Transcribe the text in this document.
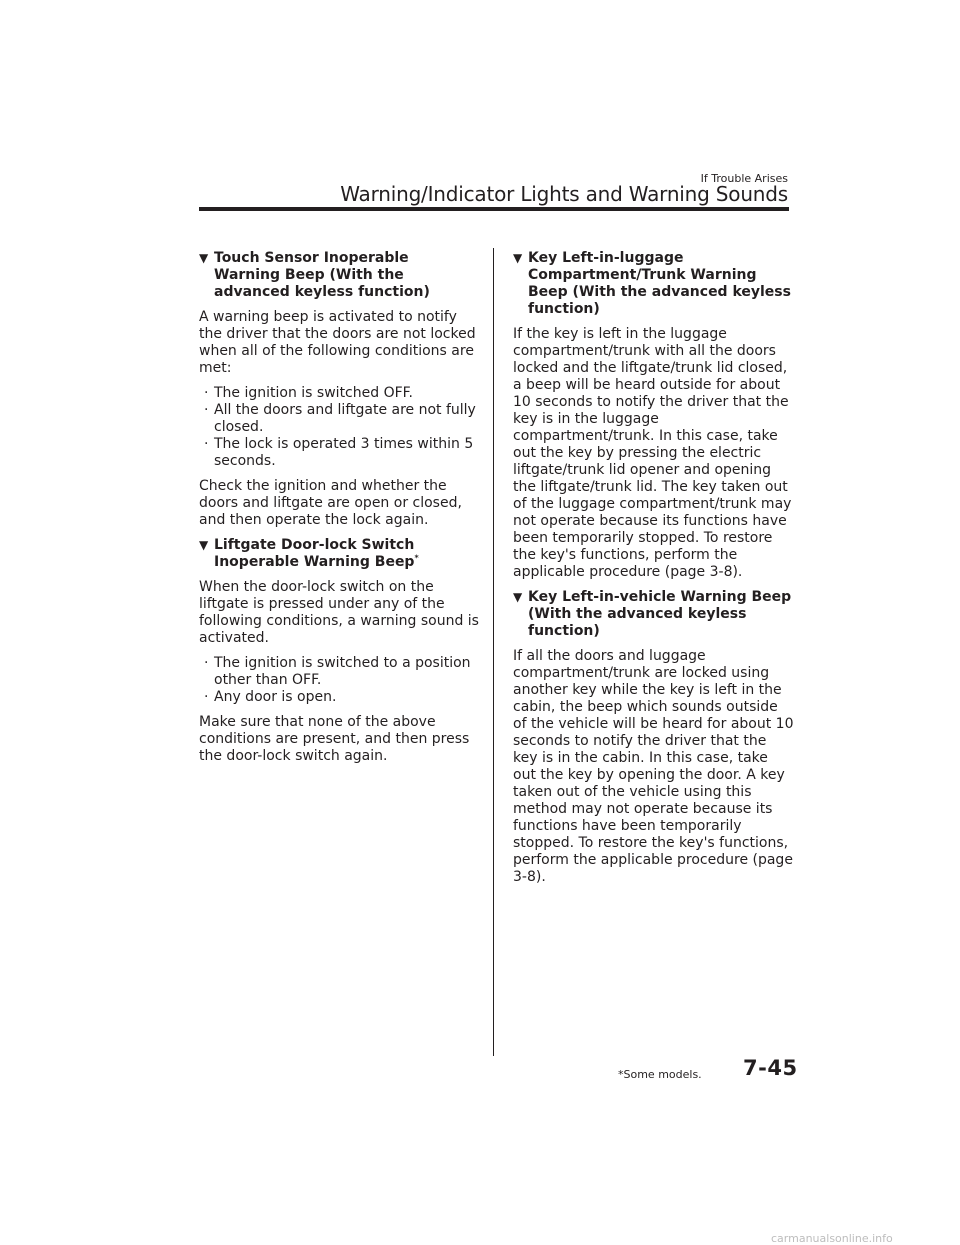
If Trouble Arises
Warning/Indicator Lights and Warning Sounds
▼ Touch Sensor Inoperable Warning Beep (With the advanced keyless function)

A warning beep is activated to notify the driver that the doors are not locked when all of the following conditions are met:

· The ignition is switched OFF.
· All the doors and liftgate are not fully closed.
· The lock is operated 3 times within 5 seconds.

Check the ignition and whether the doors and liftgate are open or closed, and then operate the lock again.

▼ Liftgate Door-lock Switch Inoperable Warning Beep*

When the door-lock switch on the liftgate is pressed under any of the following conditions, a warning sound is activated.

· The ignition is switched to a position other than OFF.
· Any door is open.

Make sure that none of the above conditions are present, and then press the door-lock switch again.

▼ Key Left-in-luggage Compartment/Trunk Warning Beep (With the advanced keyless function)

If the key is left in the luggage compartment/trunk with all the doors locked and the liftgate/trunk lid closed, a beep will be heard outside for about 10 seconds to notify the driver that the key is in the luggage compartment/trunk. In this case, take out the key by pressing the electric liftgate/trunk lid opener and opening the liftgate/trunk lid. The key taken out of the luggage compartment/trunk may not operate because its functions have been temporarily stopped. To restore the key's functions, perform the applicable procedure (page 3-8).

▼ Key Left-in-vehicle Warning Beep (With the advanced keyless function)

If all the doors and luggage compartment/trunk are locked using another key while the key is left in the cabin, the beep which sounds outside of the vehicle will be heard for about 10 seconds to notify the driver that the key is in the cabin. In this case, take out the key by opening the door. A key taken out of the vehicle using this method may not operate because its functions have been temporarily stopped. To restore the key's functions, perform the applicable procedure (page 3-8).

*Some models. 7-45
carmanualsonline.info
